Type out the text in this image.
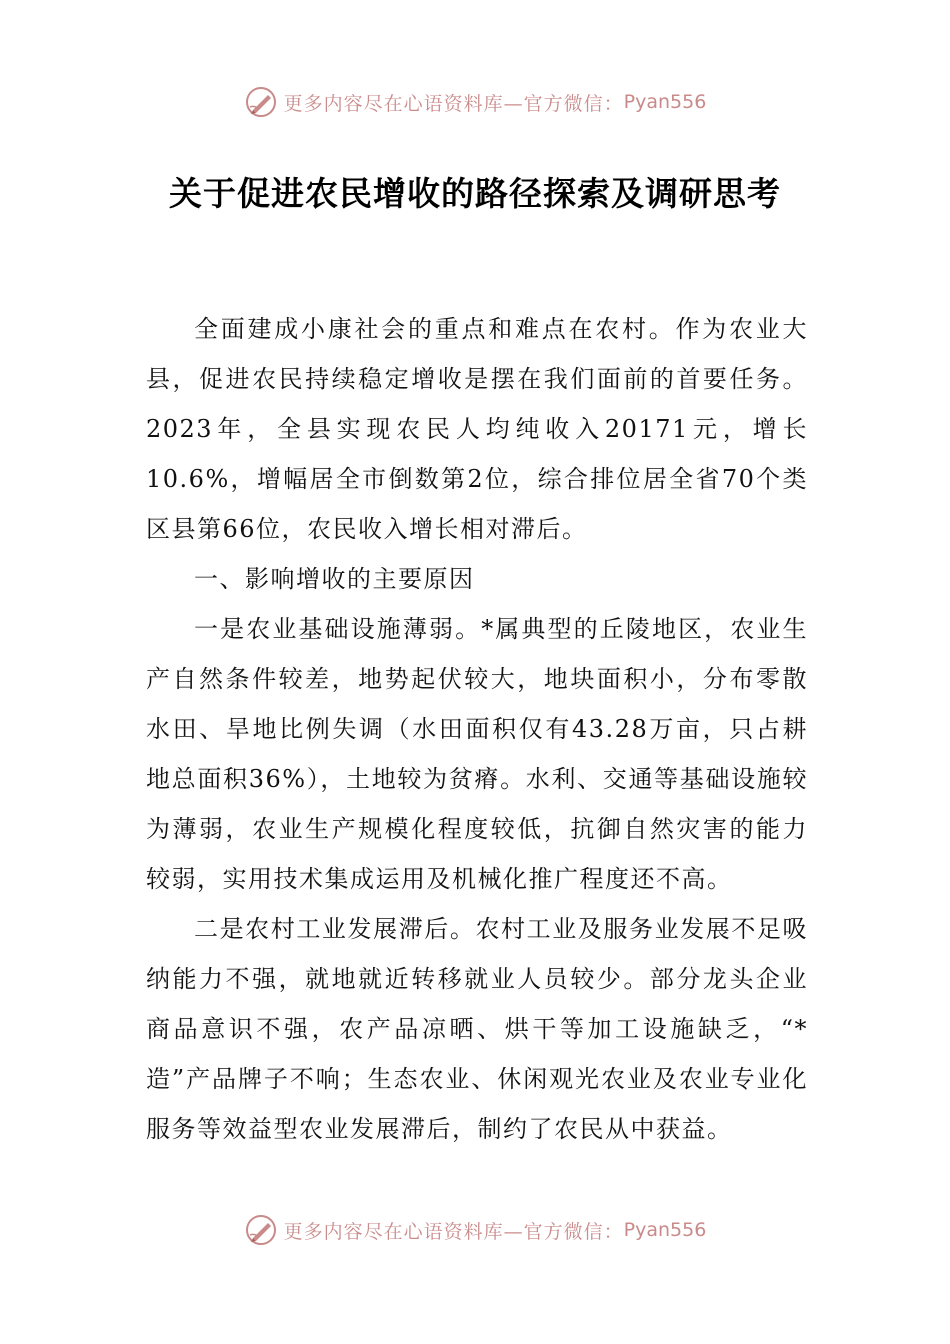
更多内容尽在心语资料库—官方微信： Pyan556
关于促进农民增收的路径探索及调研思考

全面建成小康社会的重点和难点在农村。作为农业大县，促进农民持续稳定增收是摆在我们面前的首要任务。2023年，全县实现农民人均纯收入20171元，增长10.6%，增幅居全市倒数第2位，综合排位居全省70个类区县第66位，农民收入增长相对滞后。

一、影响增收的主要原因

一是农业基础设施薄弱。*属典型的丘陵地区，农业生产自然条件较差，地势起伏较大，地块面积小，分布零散水田、旱地比例失调（水田面积仅有43.28万亩，只占耕地总面积36%），土地较为贫瘠。水利、交通等基础设施较为薄弱，农业生产规模化程度较低，抗御自然灾害的能力较弱，实用技术集成运用及机械化推广程度还不高。

二是农村工业发展滞后。农村工业及服务业发展不足吸纳能力不强，就地就近转移就业人员较少。部分龙头企业商品意识不强，农产品凉晒、烘干等加工设施缺乏，“*造”产品牌子不响；生态农业、休闲观光农业及农业专业化服务等效益型农业发展滞后，制约了农民从中获益。

更多内容尽在心语资料库—官方微信： Pyan556
